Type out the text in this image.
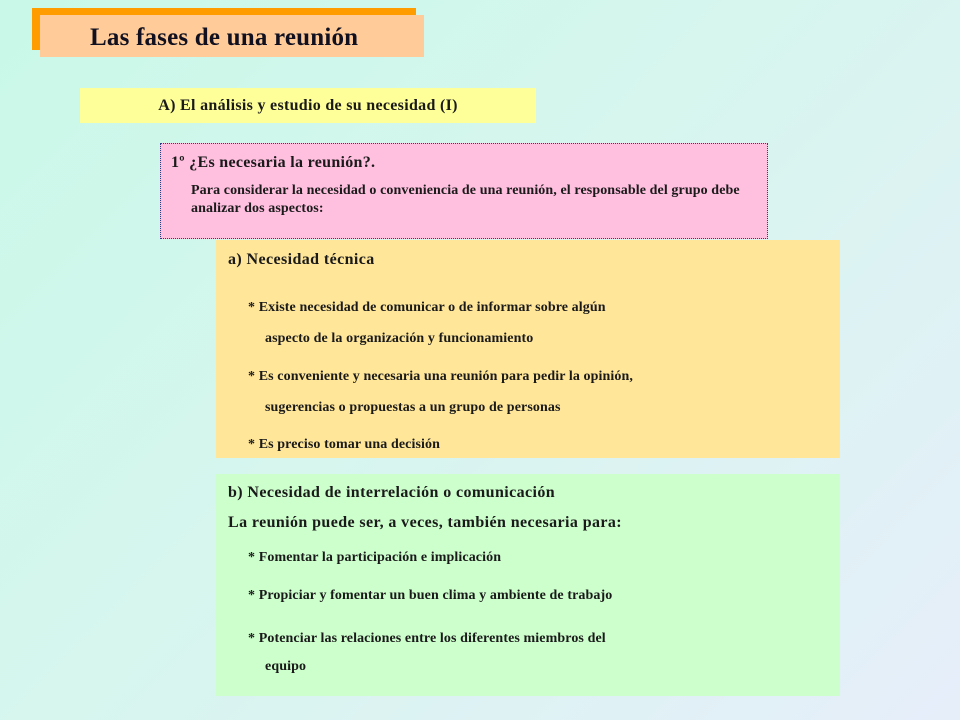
Las fases de una reunión
A) El análisis y estudio de su necesidad (I)
1º ¿Es necesaria la reunión?.
Para considerar la necesidad o conveniencia de una reunión, el responsable del grupo debe analizar dos aspectos:
a) Necesidad técnica
* Existe necesidad de comunicar o de informar sobre algún
aspecto de la organización y funcionamiento
* Es conveniente y necesaria una reunión para pedir la opinión,
sugerencias o propuestas a un grupo de personas
* Es preciso tomar una decisión
b) Necesidad de interrelación o comunicación
La reunión puede ser, a veces, también necesaria para:
* Fomentar la participación e implicación
* Propiciar y fomentar un buen clima y ambiente de trabajo
* Potenciar las relaciones entre los diferentes miembros del
equipo
